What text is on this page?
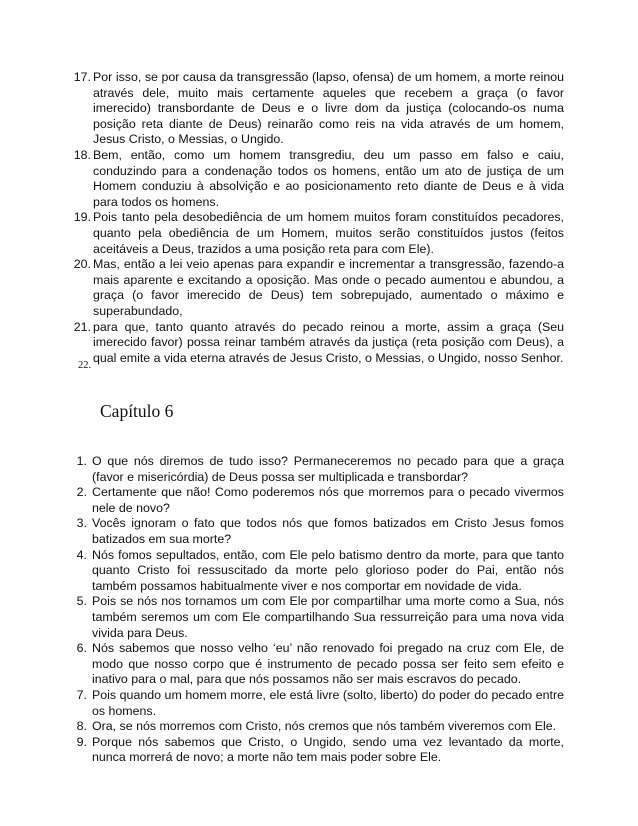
17. Por isso, se por causa da transgressão (lapso, ofensa) de um homem, a morte reinou através dele, muito mais certamente aqueles que recebem a graça (o favor imerecido) transbordante de Deus e o livre dom da justiça (colocando-os numa posição reta diante de Deus) reinarão como reis na vida através de um homem, Jesus Cristo, o Messias, o Ungido.
18. Bem, então, como um homem transgrediu, deu um passo em falso e caiu, conduzindo para a condenação todos os homens, então um ato de justiça de um Homem conduziu à absolvição e ao posicionamento reto diante de Deus e à vida para todos os homens.
19. Pois tanto pela desobediência de um homem muitos foram constituídos pecadores, quanto pela obediência de um Homem, muitos serão constituídos justos (feitos aceitáveis a Deus, trazidos a uma posição reta para com Ele).
20. Mas, então a lei veio apenas para expandir e incrementar a transgressão, fazendo-a mais aparente e excitando a oposição. Mas onde o pecado aumentou e abundou, a graça (o favor imerecido de Deus) tem sobrepujado, aumentado o máximo e superabundado,
21. para que, tanto quanto através do pecado reinou a morte, assim a graça (Seu imerecido favor) possa reinar também através da justiça (reta posição com Deus), a qual emite a vida eterna através de Jesus Cristo, o Messias, o Ungido, nosso Senhor.
22.
Capítulo 6
1. O que nós diremos de tudo isso? Permaneceremos no pecado para que a graça (favor e misericórdia) de Deus possa ser multiplicada e transbordar?
2. Certamente que não! Como poderemos nós que morremos para o pecado vivermos nele de novo?
3. Vocês ignoram o fato que todos nós que fomos batizados em Cristo Jesus fomos batizados em sua morte?
4. Nós fomos sepultados, então, com Ele pelo batismo dentro da morte, para que tanto quanto Cristo foi ressuscitado da morte pelo glorioso poder do Pai, então nós também possamos habitualmente viver e nos comportar em novidade de vida.
5. Pois se nós nos tornamos um com Ele por compartilhar uma morte como a Sua, nós também seremos um com Ele compartilhando Sua ressurreição para uma nova vida vivida para Deus.
6. Nós sabemos que nosso velho ‘eu’ não renovado foi pregado na cruz com Ele, de modo que nosso corpo que é instrumento de pecado possa ser feito sem efeito e inativo para o mal, para que nós possamos não ser mais escravos do pecado.
7. Pois quando um homem morre, ele está livre (solto, liberto) do poder do pecado entre os homens.
8. Ora, se nós morremos com Cristo, nós cremos que nós também viveremos com Ele.
9. Porque nós sabemos que Cristo, o Ungido, sendo uma vez levantado da morte, nunca morrerá de novo; a morte não tem mais poder sobre Ele.
